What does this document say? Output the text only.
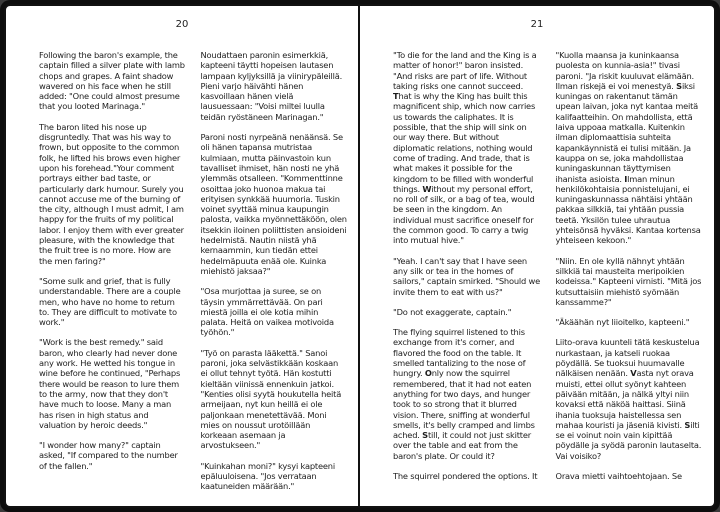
20

Following the baron's example, the captain filled a silver plate with lamb chops and grapes. A faint shadow wavered on his face when he still added: "One could almost presume that you looted Marinaga."

The baron lited his nose up disgruntedly. That was his way to frown, but opposite to the common folk, he lifted his brows even higher upon his forehead."Your comment portrays either bad taste, or particularly dark humour. Surely you cannot accuse me of the burning of the city, although I must admit, I am happy for the fruits of my political labor. I enjoy them with ever greater pleasure, with the knowledge that the fruit tree is no more. How are the men faring?"

"Some sulk and grief, that is fully understandable. There are a couple men, who have no home to return to. They are difficult to motivate to work."

"Work is the best remedy." said baron, who clearly had never done any work. He wetted his tongue in wine before he continued, "Perhaps there would be reason to lure them to the army, now that they don't have much to loose. Many a man has risen in high status and valuation by heroic deeds."

"I wonder how many?" captain asked, "If compared to the number of the fallen."

Noudattaen paronin esimerkkiä, kapteeni täytti hopeisen lautasen lampaan kyljyksillä ja viinirypäleillä. Pieni varjo häivähti hänen kasvoillaan hänen vielä lausuessaan: "Voisi miltei luulla teidän ryöstäneen Marinagan."

Paroni nosti nyrpeänä nenäänsä. Se oli hänen tapansa mutristaa kulmiaan, mutta päinvastoin kun tavalliset ihmiset, hän nosti ne yhä ylemmäs otsalleen. "Kommenttinne osoittaa joko huonoa makua tai erityisen synkkää huumoria. Tuskin voinet syyttää minua kaupungin palosta, vaikka myönnettäköön, olen itsekkin iloinen poliittisten ansioideni hedelmistä. Nautin niistä yhä kernaammin, kun tiedän ettei hedelmäpuuta enää ole. Kuinka miehistö jaksaa?"

"Osa murjottaa ja suree, se on täysin ymmärrettävää. On pari miestä joilla ei ole kotia mihin palata. Heitä on vaikea motivoida työhön."

"Työ on parasta lääkettä." Sanoi paroni, joka selvästikkään koskaan ei ollut tehnyt työtä. Hän kostutti kieltään viinissä ennenkuin jatkoi. "Kenties olisi syytä houkutella heitä armeijaan, nyt kun heillä ei ole paljonkaan menetettävää. Moni mies on noussut urotöillään korkeaan asemaan ja arvostukseen."

"Kuinkahan moni?" kysyi kapteeni epäluuloisena. "Jos verrataan kaatuneiden määrään."

21

"To die for the land and the King is a matter of honor!" baron insisted. "And risks are part of life. Without taking risks one cannot succeed. That is why the King has built this magnificent ship, which now carries us towards the caliphates. It is possible, that the ship will sink on our way there. But without diplomatic relations, nothing would come of trading. And trade, that is what makes it possible for the kingdom to be filled with wonderful things. Without my personal effort, no roll of silk, or a bag of tea, would be seen in the kingdom. An individual must sacrifice oneself for the common good. To carry a twig into mutual hive."

"Yeah. I can't say that I have seen any silk or tea in the homes of sailors," captain smirked. "Should we invite them to eat with us?"

"Do not exaggerate, captain."

The flying squirrel listened to this exchange from it's corner, and flavored the food on the table. It smelled tantalizing to the nose of hungry. Only now the squirrel remembered, that it had not eaten anything for two days, and hunger took to so strong that it blurred vision. There, sniffing at wonderful smells, it's belly cramped and limbs ached. Still, it could not just skitter over the table and eat from the baron's plate. Or could it?

The squirrel pondered the options. It

"Kuolla maansa ja kuninkaansa puolesta on kunnia-asia!" tivasi paroni. "Ja riskit kuuluvat elämään. Ilman riskejä ei voi menestyä. Siksi kuningas on rakentanut tämän upean laivan, joka nyt kantaa meitä kalifaatteihin. On mahdollista, että laiva uppoaa matkalla. Kuitenkin ilman diplomaattisia suhteita kapankäynnistä ei tulisi mitään. Ja kauppa on se, joka mahdollistaa kuningaskunnan täyttymisen ihanista asioista. Ilman minun henkilökohtaisia ponnistelujani, ei kuningaskunnassa nähtäisi yhtään pakkaa silkkiä, tai yhtään pussia teetä. Yksilön tulee uhrautua yhteisönsä hyväksi. Kantaa kortensa yhteiseen kekoon."

"Niin. En ole kyllä nähnyt yhtään silkkiä tai mausteita meripoikien kodeissa." Kapteeni virnisti. "Mitä jos kutsuttaisiin miehistö syömään kanssamme?"

"Äkäähän nyt liioitelko, kapteeni."

Liito-orava kuunteli tätä keskustelua nurkastaan, ja katseli ruokaa pöydällä. Se tuoksui huumavalle nälkäisen nenään. Vasta nyt orava muisti, ettei ollut syönyt kahteen päivään mitään, ja nälkä yltyi niin kovaksi että näköä haittasi. Siinä ihania tuoksuja haistellessa sen mahaa kouristi ja jäseniä kivisti. Silti se ei voinut noin vain kipittää pöydälle ja syödä paronin lautaselta. Vai voisiko?

Orava mietti vaihtoehtojaan. Se
